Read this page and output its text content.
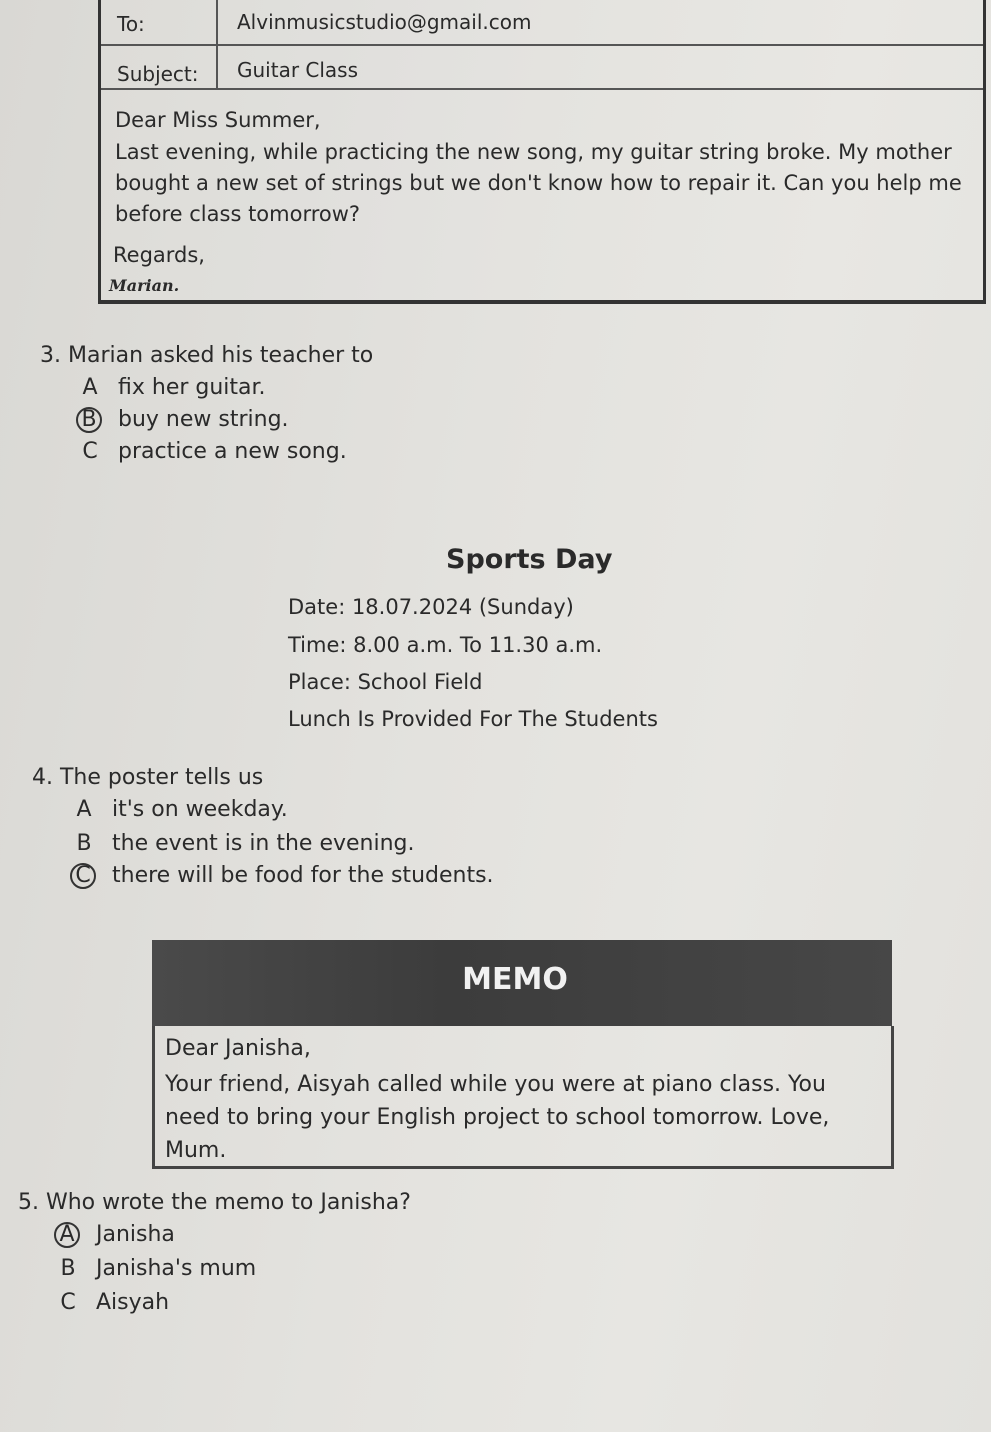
To:	Alvinmusicstudio@gmail.com
Subject: Guitar Class
Dear Miss Summer,
Last evening, while practicing the new song, my guitar string broke. My mother bought a new set of strings but we don't know how to repair it. Can you help me before class tomorrow?
Regards,
Marian.
3. Marian asked his teacher to
A fix her guitar.
B buy new string.
C practice a new song.
Sports Day
Date: 18.07.2024 (Sunday)
Time: 8.00 a.m. To 11.30 a.m.
Place: School Field
Lunch Is Provided For The Students
4. The poster tells us
A it's on weekday.
B the event is in the evening.
C there will be food for the students.
MEMO
Dear Janisha,
Your friend, Aisyah called while you were at piano class. You need to bring your English project to school tomorrow. Love, Mum.
5. Who wrote the memo to Janisha?
A Janisha
B Janisha's mum
C Aisyah
